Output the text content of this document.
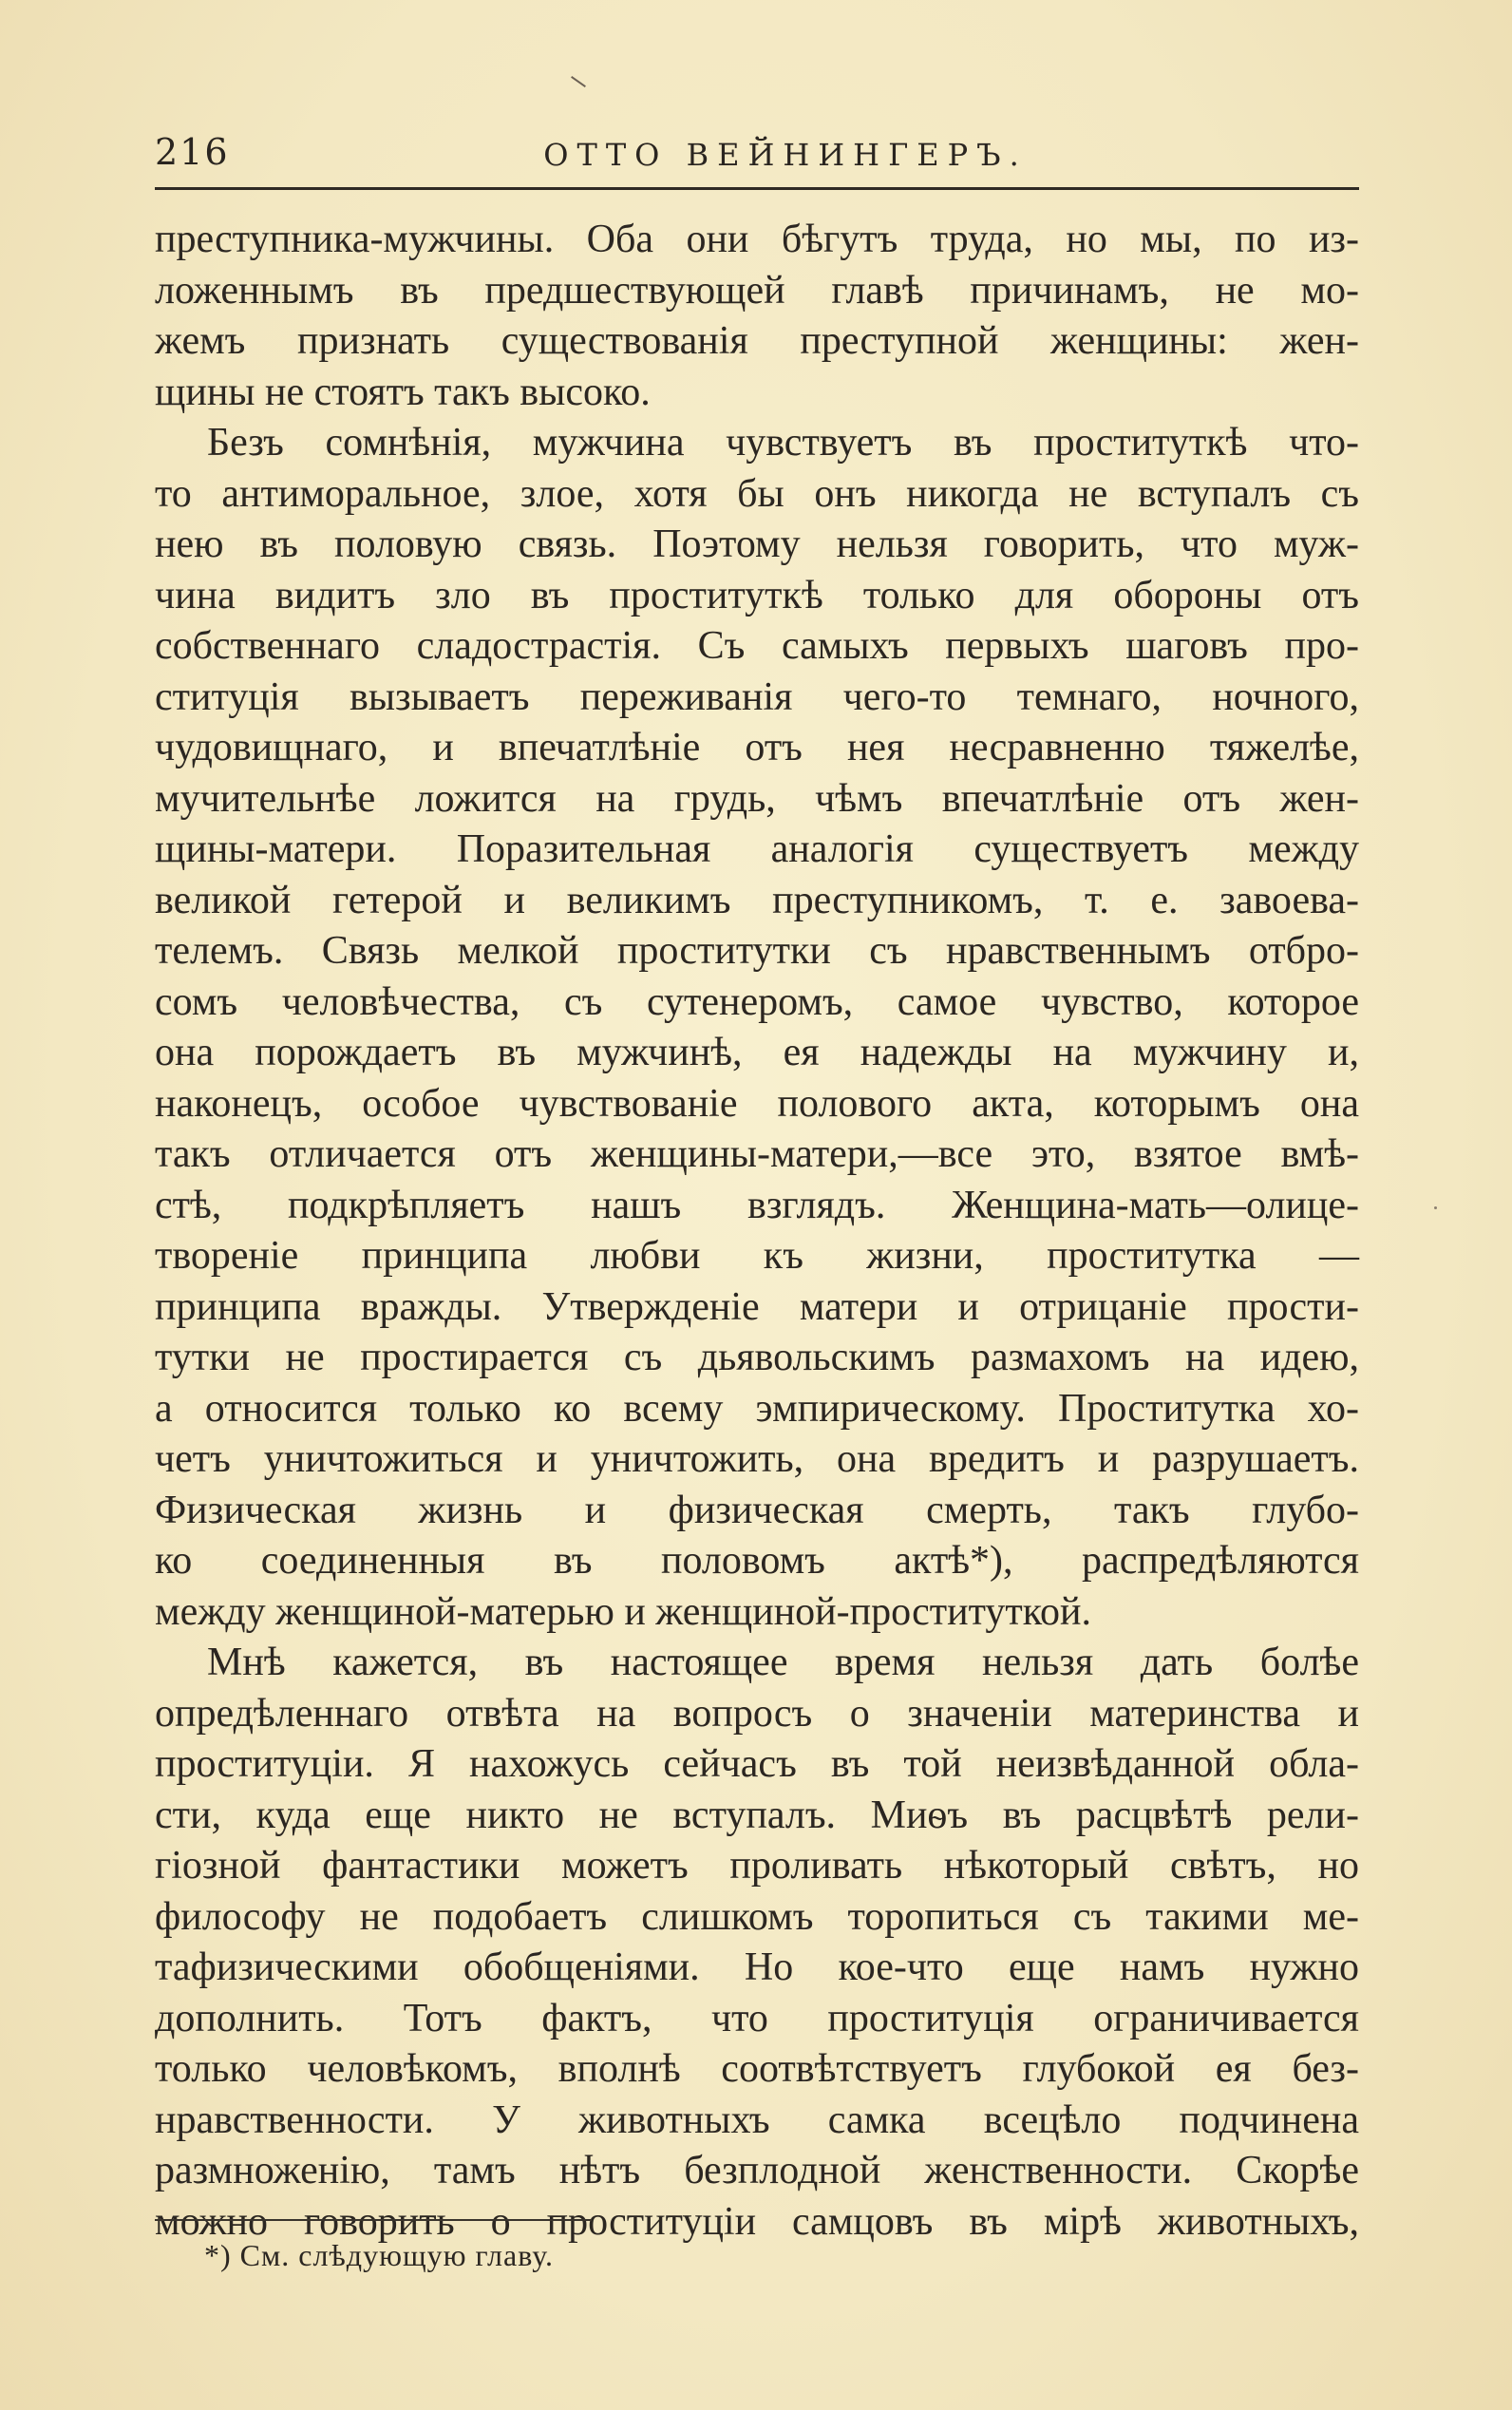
216	ОТТО ВЕЙНИНГЕРЪ.
преступника-мужчины. Оба они бѣгутъ труда, но мы, по из-
ложеннымъ въ предшествующей главѣ причинамъ, не мо-
жемъ признать существованія преступной женщины: жен-
щины не стоятъ такъ высоко.
Безъ сомнѣнія, мужчина чувствуетъ въ проституткѣ что-
то антиморальное, злое, хотя бы онъ никогда не вступалъ съ
нею въ половую связь. Поэтому нельзя говорить, что муж-
чина видитъ зло въ проституткѣ только для обороны отъ
собственнаго сладострастія. Съ самыхъ первыхъ шаговъ про-
ституція вызываетъ переживанія чего-то темнаго, ночного,
чудовищнаго, и впечатлѣніе отъ нея несравненно тяжелѣе,
мучительнѣе ложится на грудь, чѣмъ впечатлѣніе отъ жен-
щины-матери. Поразительная аналогія существуетъ между
великой гетерой и великимъ преступникомъ, т. е. завоева-
телемъ. Связь мелкой проститутки съ нравственнымъ отбро-
сомъ человѣчества, съ сутенеромъ, самое чувство, которое
она порождаетъ въ мужчинѣ, ея надежды на мужчину и,
наконецъ, особое чувствованіе полового акта, которымъ она
такъ отличается отъ женщины-матери,—все это, взятое вмѣ-
стѣ, подкрѣпляетъ нашъ взглядъ. Женщина-мать—олице-
твореніе принципа любви къ жизни, проститутка —
принципа вражды. Утвержденіе матери и отрицаніе прости-
тутки не простирается съ дьявольскимъ размахомъ на идею,
а относится только ко всему эмпирическому. Проститутка хо-
четъ уничтожиться и уничтожить, она вредитъ и разрушаетъ.
Физическая жизнь и физическая смерть, такъ глубо-
ко соединенныя въ половомъ актѣ*), распредѣляются
между женщиной-матерью и женщиной-проституткой.
Мнѣ кажется, въ настоящее время нельзя дать болѣе
опредѣленнаго отвѣта на вопросъ о значеніи материнства и
проституціи. Я нахожусь сейчасъ въ той неизвѣданной обла-
сти, куда еще никто не вступалъ. Миѳъ въ расцвѣтѣ рели-
гіозной фантастики можетъ проливать нѣкоторый свѣтъ, но
философу не подобаетъ слишкомъ торопиться съ такими ме-
тафизическими обобщеніями. Но кое-что еще намъ нужно
дополнить. Тотъ фактъ, что проституція ограничивается
только человѣкомъ, вполнѣ соотвѣтствуетъ глубокой ея без-
нравственности. У животныхъ самка всецѣло подчинена
размноженію, тамъ нѣтъ безплодной женственности. Скорѣе
можно говорить о проституціи самцовъ въ мірѣ животныхъ,
*) См. слѣдующую главу.
